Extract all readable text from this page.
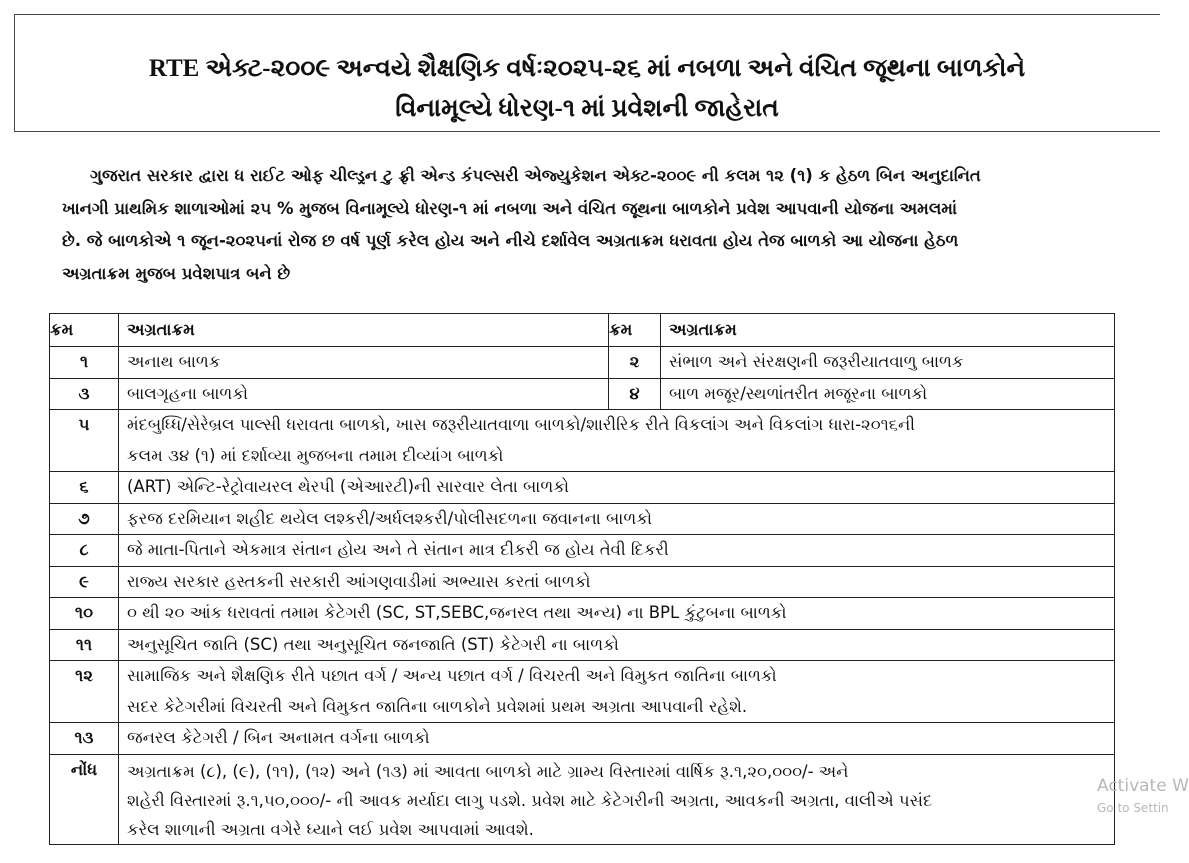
RTE એક્ટ-૨૦૦૯ અન્વયે શૈક્ષણિક વર્ષઃ૨૦૨૫-૨૬ માં નબળા અને વંચિત જૂથના બાળકોને
વિનામૂલ્યે ધોરણ-૧ માં પ્રવેશની જાહેરાત
ગુજરાત સરકાર દ્વારા ધ રાઈટ ઓફ ચીલ્ડ્રન ટુ ફ્રી એન્ડ કંપલ્સરી એજ્યુકેશન એક્ટ-૨૦૦૯ ની કલમ ૧૨ (૧) ક હેઠળ બિન અનુદાનિત
ખાનગી પ્રાથમિક શાળાઓમાં ૨૫ % મુજબ વિનામૂલ્યે ધોરણ-૧ માં નબળા અને વંચિત જૂથના બાળકોને પ્રવેશ આપવાની યોજના અમલમાં
છે. જે બાળકોએ ૧ જૂન-૨૦૨૫નાં રોજ છ વર્ષ પૂર્ણ કરેલ હોય અને નીચે દર્શાવેલ અગ્રતાક્રમ ધરાવતા હોય તેજ બાળકો આ યોજના હેઠળ
અગ્રતાક્રમ મુજબ પ્રવેશપાત્ર બને છે
ક્રમ	અગ્રતાક્રમ	ક્રમ	અગ્રતાક્રમ
૧	અનાથ બાળક	૨	સંભાળ અને સંરક્ષણની જરૂરીયાતવાળુ બાળક
૩	બાલગૃહના બાળકો	૪	બાળ મજૂર/સ્થળાંતરીત મજૂરના બાળકો
૫	મંદબુધ્ધિ/સેરેબ્રલ પાલ્સી ધરાવતા બાળકો, ખાસ જરૂરીયાતવાળા બાળકો/શારીરિક રીતે વિકલાંગ અને વિકલાંગ ધારા-૨૦૧૬ની
કલમ ૩૪ (૧) માં દર્શાવ્યા મુજબના તમામ દીવ્યાંગ બાળકો		

૬	(ART) એન્ટિ-રેટ્રોવાયરલ થેરપી (એઆરટી)ની સારવાર લેતા બાળકો		
૭	ફરજ દરમિયાન શહીદ થયેલ લશ્કરી/અર્ધલશ્કરી/પોલીસદળના જવાનના બાળકો		
૮	જે માતા-પિતાને એકમાત્ર સંતાન હોય અને તે સંતાન માત્ર દીકરી જ હોય તેવી દિકરી		
૯	રાજ્ય સરકાર હસ્તકની સરકારી આંગણવાડીમાં અભ્યાસ કરતાં બાળકો		
૧૦	૦ થી ૨૦ આંક ધરાવતાં તમામ કેટેગરી (SC, ST,SEBC,જનરલ તથા અન્ય) ના BPL કુંટુબના બાળકો		
૧૧	અનુસૂચિત જાતિ (SC) તથા અનુસૂચિત જનજાતિ (ST) કેટેગરી ના બાળકો		
૧૨	સામાજિક અને શૈક્ષણિક રીતે પછાત વર્ગ / અન્ય પછાત વર્ગ / વિચરતી અને વિમુકત જાતિના બાળકો
સદર કેટેગરીમાં વિચરતી અને વિમુકત જાતિના બાળકોને પ્રવેશમાં પ્રથમ અગ્રતા આપવાની રહેશે.		

૧૩	જનરલ કેટેગરી / બિન અનામત વર્ગના બાળકો		
નોંધ	અગ્રતાક્રમ (૮), (૯), (૧૧), (૧૨) અને (૧૩) માં આવતા બાળકો માટે ગ્રામ્ય વિસ્તારમાં વાર્ષિક રૂ.૧,૨૦,૦૦૦/- અને
શહેરી વિસ્તારમાં રૂ.૧,૫૦,૦૦૦/- ની આવક મર્યાદા લાગુ પડશે. પ્રવેશ માટે કેટેગરીની અગ્રતા, આવકની અગ્રતા, વાલીએ પસંદ
કરેલ શાળાની અગ્રતા વગેરે ધ્યાને લઈ પ્રવેશ આપવામાં આવશે.		
Activate W
Go to Settin
